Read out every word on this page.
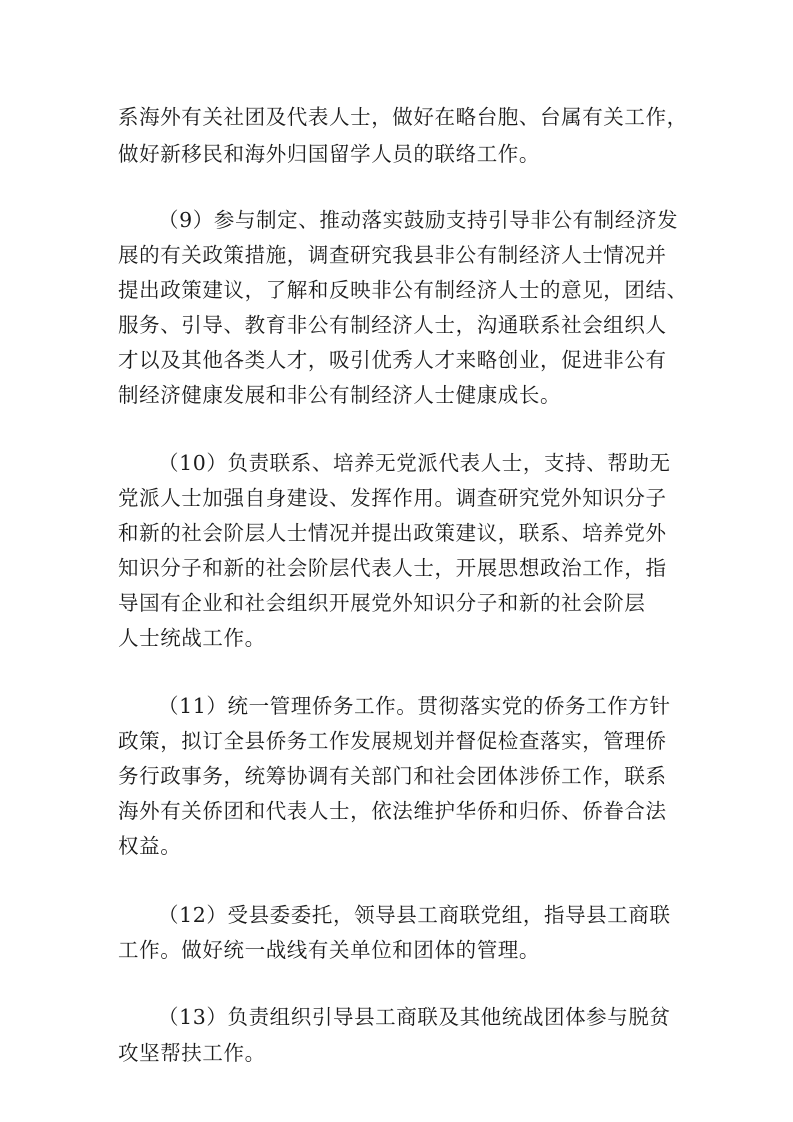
系海外有关社团及代表人士，做好在略台胞、台属有关工作，
做好新移民和海外归国留学人员的联络工作。
（9）参与制定、推动落实鼓励支持引导非公有制经济发
展的有关政策措施，调查研究我县非公有制经济人士情况并
提出政策建议，了解和反映非公有制经济人士的意见，团结、
服务、引导、教育非公有制经济人士，沟通联系社会组织人
才以及其他各类人才，吸引优秀人才来略创业，促进非公有
制经济健康发展和非公有制经济人士健康成长。
（10）负责联系、培养无党派代表人士，支持、帮助无
党派人士加强自身建设、发挥作用。调查研究党外知识分子
和新的社会阶层人士情况并提出政策建议，联系、培养党外
知识分子和新的社会阶层代表人士，开展思想政治工作，指
导国有企业和社会组织开展党外知识分子和新的社会阶层
人士统战工作。
（11）统一管理侨务工作。贯彻落实党的侨务工作方针
政策，拟订全县侨务工作发展规划并督促检查落实，管理侨
务行政事务，统筹协调有关部门和社会团体涉侨工作，联系
海外有关侨团和代表人士，依法维护华侨和归侨、侨眷合法
权益。
（12）受县委委托，领导县工商联党组，指导县工商联
工作。做好统一战线有关单位和团体的管理。
（13）负责组织引导县工商联及其他统战团体参与脱贫
攻坚帮扶工作。
